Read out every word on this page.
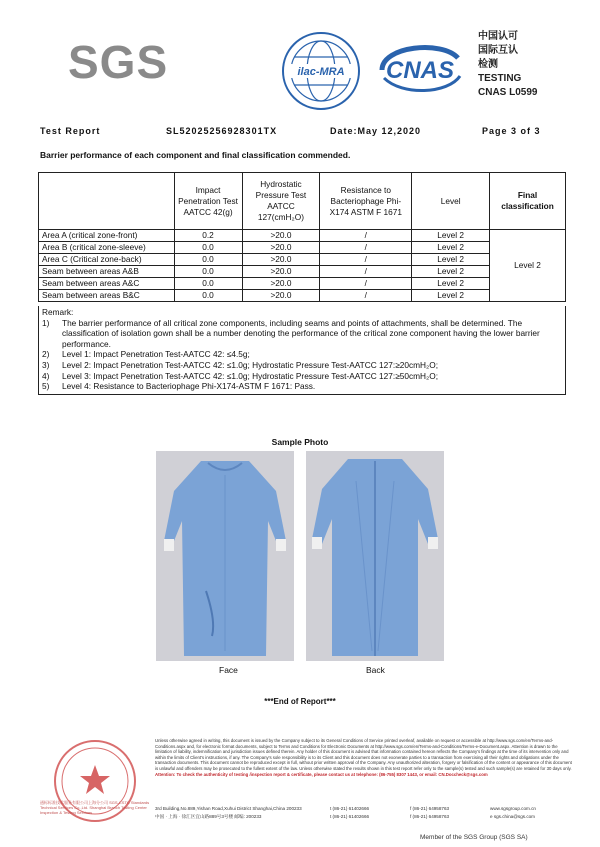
SGS	ilac-MRA CNAS
中国认可
国际互认
检测
TESTING
CNAS L0599
Test Report	SL52025256928301TX	Date:May 12,2020	Page 3 of 3
Barrier performance of each component and final classification commended.
	Impact Penetration Test AATCC 42(g)	Hydrostatic Pressure Test AATCC 127(cmH₂O)	Resistance to Bacteriophage Phi-X174 ASTM F 1671	Level	Final classification
Area A (critical zone-front)	0.2	>20.0	/	Level 2	Level 2
Area B (critical zone-sleeve)	0.0	>20.0	/	Level 2	
Area C (Critical zone-back)	0.0	>20.0	/	Level 2	
Seam between areas A&B	0.0	>20.0	/	Level 2	
Seam between areas A&C	0.0	>20.0	/	Level 2	
Seam between areas B&C	0.0	>20.0	/	Level 2	
Remark:
1)	The barrier performance of all critical zone components, including seams and points of attachments, shall be determined. The classification of isolation gown shall be a number denoting the performance of the critical zone component having the lower barrier performance.
2)	Level 1: Impact Penetration Test-AATCC 42: ≤4.5g;
3)	Level 2: Impact Penetration Test-AATCC 42: ≤1.0g; Hydrostatic Pressure Test-AATCC 127:≥20cmH₂O;
4)	Level 3: Impact Penetration Test-AATCC 42: ≤1.0g; Hydrostatic Pressure Test-AATCC 127:≥50cmH₂O;
5)	Level 4: Resistance to Bacteriophage Phi-X174-ASTM F 1671: Pass.
Sample Photo
Face	Back
***End of Report***
通标标准技术服务有限公司上海分公司 SGS-CSTC Standards Technical Services Co.,Ltd. Shanghai Branch Testing Center Inspection & Testing Services
Unless otherwise agreed in writing, this document is issued by the Company subject to its General Conditions of Service printed overleaf, available on request or accessible at http://www.sgs.com/en/Terms-and-Conditions.aspx and, for electronic format documents, subject to Terms and Conditions for Electronic Documents at http://www.sgs.com/en/Terms-and-Conditions/Terms-e-Document.aspx. Attention is drawn to the limitation of liability, indemnification and jurisdiction issues defined therein. Any holder of this document is advised that information contained hereon reflects the Company's findings at the time of its intervention only and within the limits of Client's instructions, if any. The Company's sole responsibility is to its Client and this document does not exonerate parties to a transaction from exercising all their rights and obligations under the transaction documents. This document cannot be reproduced except in full, without prior written approval of the Company. Any unauthorized alteration, forgery or falsification of the content or appearance of this document is unlawful and offenders may be prosecuted to the fullest extent of the law. Unless otherwise stated the results shown in this test report refer only to the sample(s) tested and such sample(s) are retained for 30 days only.
Attention: To check the authenticity of testing /inspection report & certificate, please contact us at telephone: (86-755) 8307 1443, or email: CN.Doccheck@sgs.com
3rd Building,No.889,Yishan Road,Xuhui District Shanghai,China 200233
中国 · 上海 · 徐汇区宜山路889号3号楼 邮编: 200233
t (86-21) 61402666
t (86-21) 61402666
f (86-21) 64958763
f (86-21) 64958763
www.sgsgroup.com.cn
e sgs.china@sgs.com
Member of the SGS Group (SGS SA)
